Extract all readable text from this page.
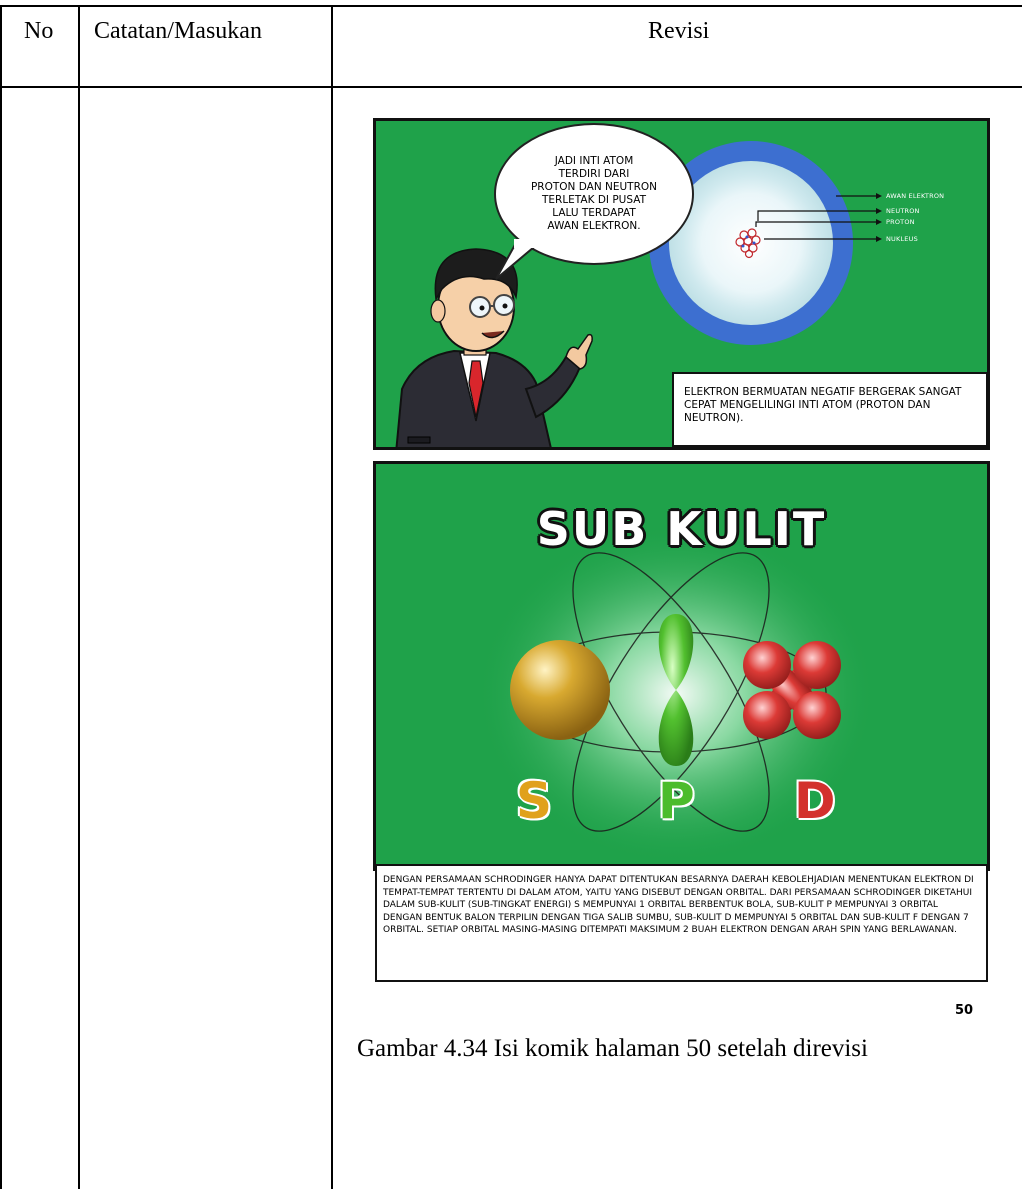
No Catatan/Masukan	Revisi
AWAN ELEKTRON
NEUTRON
PROTON
NUKLEUS
JADI INTI ATOM
TERDIRI DARI
PROTON DAN NEUTRON
TERLETAK DI PUSAT
LALU TERDAPAT
AWAN ELEKTRON.
ELEKTRON BERMUATAN NEGATIF BERGERAK SANGAT CEPAT MENGELILINGI INTI ATOM (PROTON DAN NEUTRON).
SUB KULIT
S P D
DENGAN PERSAMAAN SCHRODINGER HANYA DAPAT DITENTUKAN BESARNYA DAERAH KEBOLEHJADIAN MENENTUKAN ELEKTRON DI TEMPAT-TEMPAT TERTENTU DI DALAM ATOM, YAITU YANG DISEBUT DENGAN ORBITAL. DARI PERSAMAAN SCHRODINGER DIKETAHUI DALAM SUB-KULIT (SUB-TINGKAT ENERGI) S MEMPUNYAI 1 ORBITAL BERBENTUK BOLA, SUB-KULIT P MEMPUNYAI 3 ORBITAL DENGAN BENTUK BALON TERPILIN DENGAN TIGA SALIB SUMBU, SUB-KULIT D MEMPUNYAI 5 ORBITAL DAN SUB-KULIT F DENGAN 7 ORBITAL. SETIAP ORBITAL MASING-MASING DITEMPATI MAKSIMUM 2 BUAH ELEKTRON DENGAN ARAH SPIN YANG BERLAWANAN.
50
Gambar 4.34 Isi komik halaman 50 setelah direvisi
